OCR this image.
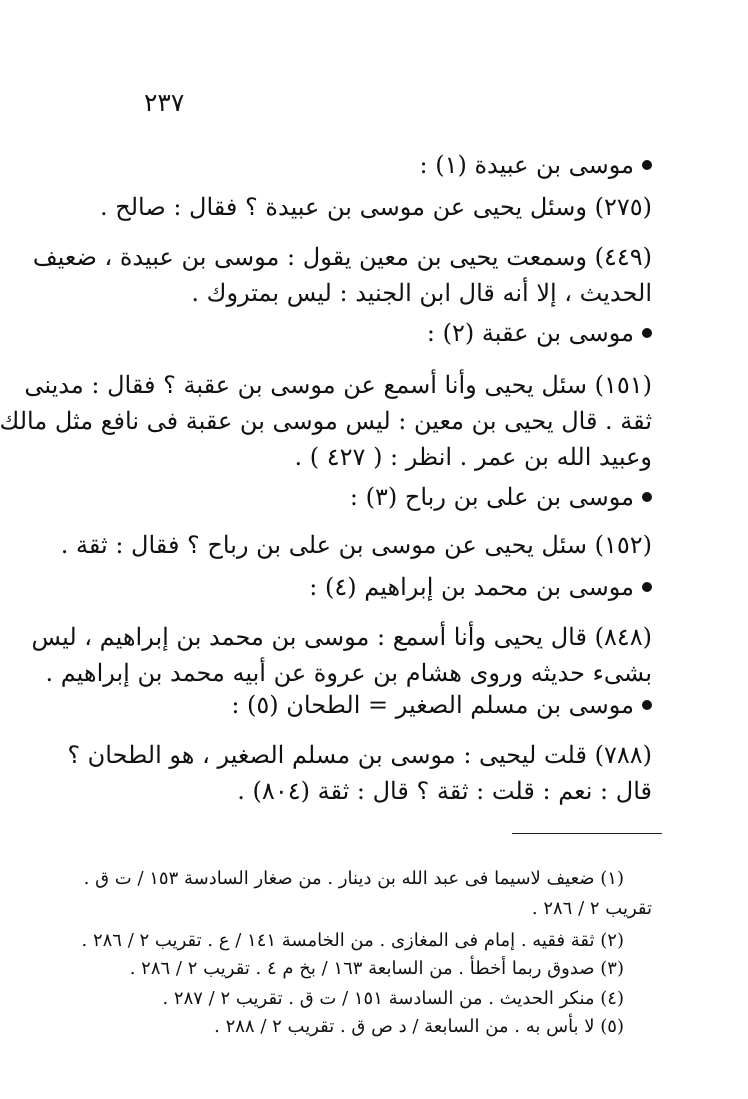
٢٣٧
موسى بن عبيدة (١) :
(٢٧٥) وسئل يحيى عن موسى بن عبيدة ؟ فقال : صالح .
(٤٤٩) وسمعت يحيى بن معين يقول : موسى بن عبيدة ، ضعيف
الحديث ، إلا أنه قال ابن الجنيد : ليس بمتروك .
موسى بن عقبة (٢) :
(١٥١) سئل يحيى وأنا أسمع عن موسى بن عقبة ؟ فقال : مدينى
ثقة . قال يحيى بن معين : ليس موسى بن عقبة فى نافع مثل مالك
وعبيد الله بن عمر . انظر : ( ٤٢٧ ) .
موسى بن على بن رباح (٣) :
(١٥٢) سئل يحيى عن موسى بن على بن رباح ؟ فقال : ثقة .
موسى بن محمد بن إبراهيم (٤) :
(٨٤٨) قال يحيى وأنا أسمع : موسى بن محمد بن إبراهيم ، ليس
بشىء حديثه وروى هشام بن عروة عن أبيه محمد بن إبراهيم .
موسى بن مسلم الصغير = الطحان (٥) :
(٧٨٨) قلت ليحيى : موسى بن مسلم الصغير ، هو الطحان ؟
قال : نعم : قلت : ثقة ؟ قال : ثقة (٨٠٤) .
(١) ضعيف لاسيما فى عبد الله بن دينار . من صغار السادسة ١٥٣ / ت ق .
تقريب ٢ / ٢٨٦ .
(٢) ثقة فقيه . إمام فى المغازى . من الخامسة ١٤١ / ع . تقريب ٢ / ٢٨٦ .
(٣) صدوق ربما أخطأ . من السابعة ١٦٣ / بخ م ٤ . تقريب ٢ / ٢٨٦ .
(٤) منكر الحديث . من السادسة ١٥١ / ت ق . تقريب ٢ / ٢٨٧ .
(٥) لا بأس به . من السابعة / د ص ق . تقريب ٢ / ٢٨٨ .
